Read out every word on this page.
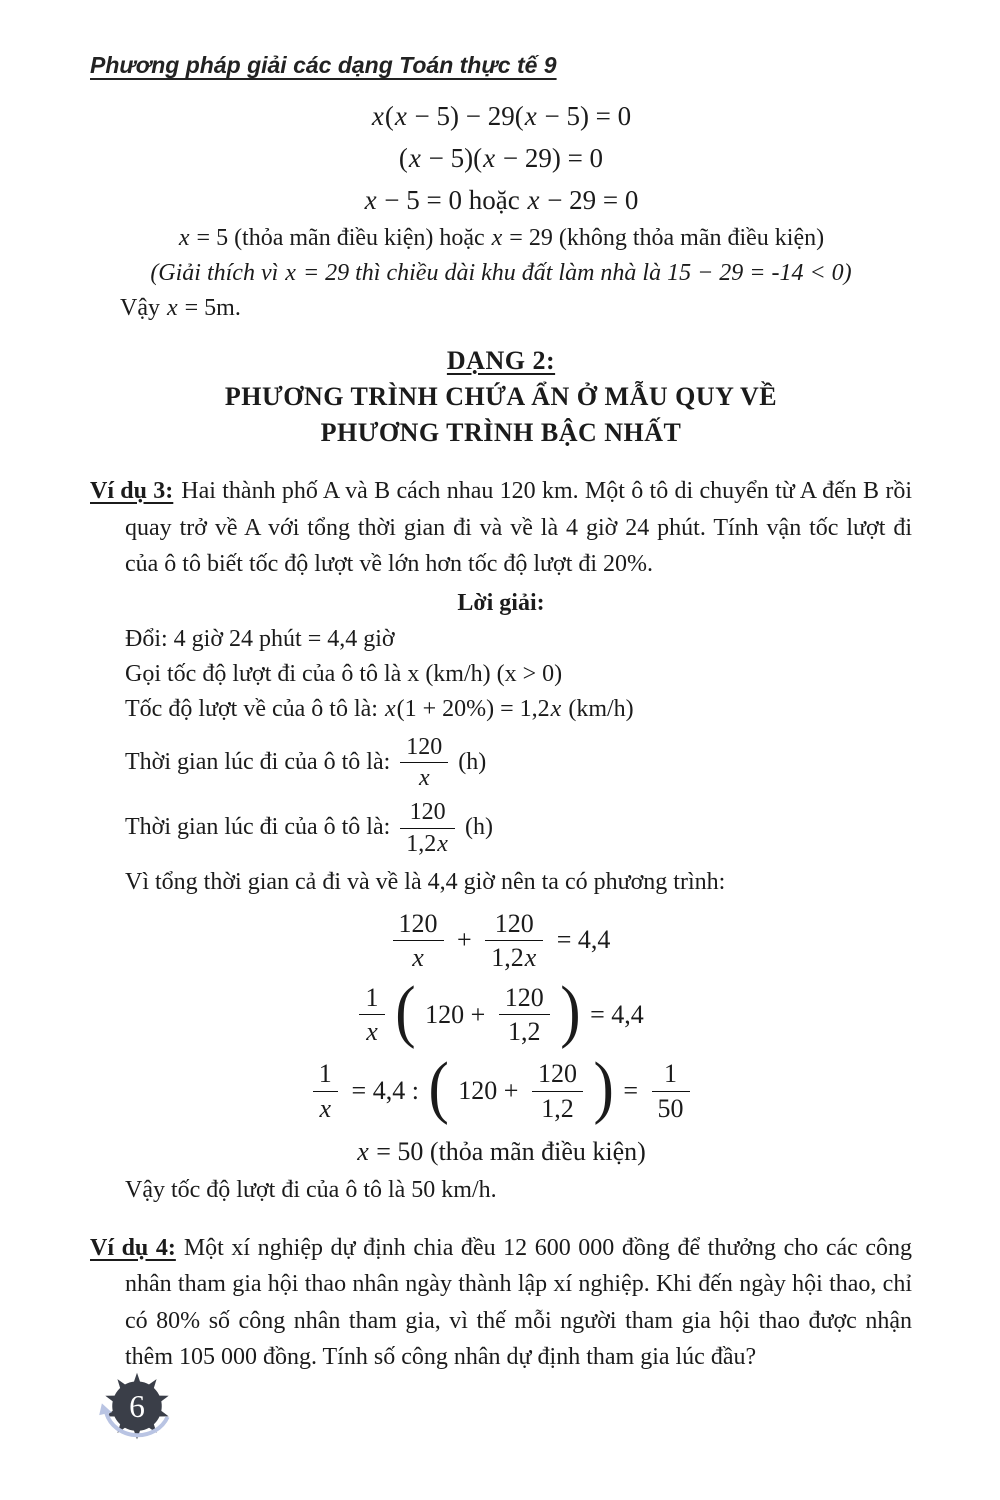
Phương pháp giải các dạng Toán thực tế 9
x(x − 5) − 29(x − 5) = 0
(x − 5)(x − 29) = 0
x − 5 = 0 hoặc x − 29 = 0
x = 5 (thỏa mãn điều kiện) hoặc x = 29 (không thỏa mãn điều kiện)
(Giải thích vì x = 29 thì chiều dài khu đất làm nhà là 15 − 29 = -14 < 0)
Vậy x = 5m.
DẠNG 2:
PHƯƠNG TRÌNH CHỨA ẨN Ở MẪU QUY VỀ
PHƯƠNG TRÌNH BẬC NHẤT

Ví dụ 3: Hai thành phố A và B cách nhau 120 km. Một ô tô di chuyển từ A đến B rồi quay trở về A với tổng thời gian đi và về là 4 giờ 24 phút. Tính vận tốc lượt đi của ô tô biết tốc độ lượt về lớn hơn tốc độ lượt đi 20%.

Lời giải:
Đổi: 4 giờ 24 phút = 4,4 giờ
Gọi tốc độ lượt đi của ô tô là x (km/h) (x > 0)
Tốc độ lượt về của ô tô là: x(1 + 20%) = 1,2x (km/h)
Thời gian lúc đi của ô tô là: $\frac{120}{x} (h)$
Thời gian lúc đi của ô tô là: $\frac{120}{1,2x} (h)$
Vì tổng thời gian cả đi và về là 4,4 giờ nên ta có phương trình:
$\frac{120}{x} + \frac{120}{1,2x} = 4,4$
$\frac{1}{x}$ ( $120 + \frac{120}{1,2}$ ) = 4,4
$\frac{1}{x} = 4,4$ : ( $120 + \frac{120}{1,2}$ ) = $\frac{1}{50}$
x = 50 (thỏa mãn điều kiện)
Vậy tốc độ lượt đi của ô tô là 50 km/h.

Ví dụ 4: Một xí nghiệp dự định chia đều 12 600 000 đồng để thưởng cho các công nhân tham gia hội thao nhân ngày thành lập xí nghiệp. Khi đến ngày hội thao, chỉ có 80% số công nhân tham gia, vì thế mỗi người tham gia hội thao được nhận thêm 105 000 đồng. Tính số công nhân dự định tham gia lúc đầu?

6
